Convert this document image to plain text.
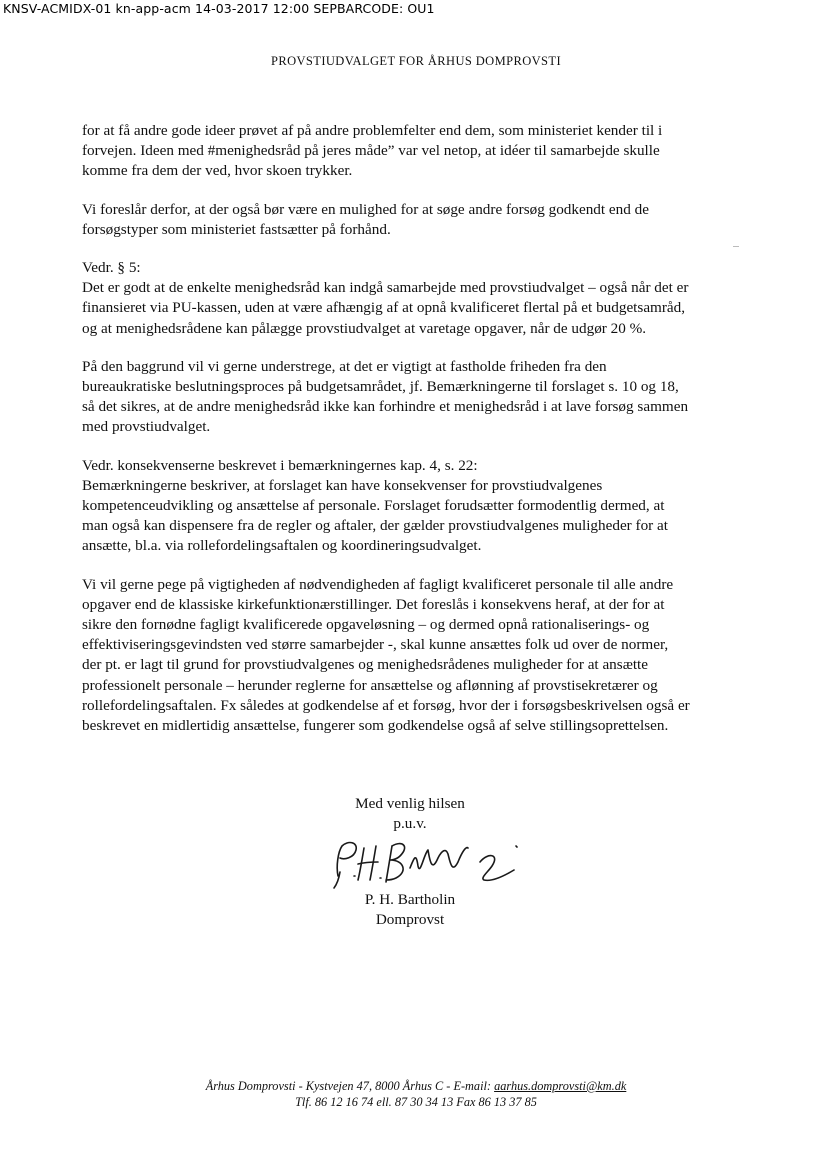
KNSV-ACMIDX-01 kn-app-acm 14-03-2017 12:00 SEPBARCODE: OU1
PROVSTIUDVALGET FOR ÅRHUS DOMPROVSTI

for at få andre gode ideer prøvet af på andre problemfelter end dem, som ministeriet kender til i
forvejen. Ideen med #menighedsråd på jeres måde” var vel netop, at idéer til samarbejde skulle
komme fra dem der ved, hvor skoen trykker.

Vi foreslår derfor, at der også bør være en mulighed for at søge andre forsøg godkendt end de
forsøgstyper som ministeriet fastsætter på forhånd.

Vedr. § 5:
Det er godt at de enkelte menighedsråd kan indgå samarbejde med provstiudvalget – også når det er
finansieret via PU-kassen, uden at være afhængig af at opnå kvalificeret flertal på et budgetsamråd,
og at menighedsrådene kan pålægge provstiudvalget at varetage opgaver, når de udgør 20 %.

På den baggrund vil vi gerne understrege, at det er vigtigt at fastholde friheden fra den
bureaukratiske beslutningsproces på budgetsamrådet, jf. Bemærkningerne til forslaget s. 10 og 18,
så det sikres, at de andre menighedsråd ikke kan forhindre et menighedsråd i at lave forsøg sammen
med provstiudvalget.

Vedr. konsekvenserne beskrevet i bemærkningernes kap. 4, s. 22:
Bemærkningerne beskriver, at forslaget kan have konsekvenser for provstiudvalgenes
kompetenceudvikling og ansættelse af personale. Forslaget forudsætter formodentlig dermed, at
man også kan dispensere fra de regler og aftaler, der gælder provstiudvalgenes muligheder for at
ansætte, bl.a. via rollefordelingsaftalen og koordineringsudvalget.

Vi vil gerne pege på vigtigheden af nødvendigheden af fagligt kvalificeret personale til alle andre
opgaver end de klassiske kirkefunktionærstillinger. Det foreslås i konsekvens heraf, at der for at
sikre den fornødne fagligt kvalificerede opgaveløsning – og dermed opnå rationaliserings- og
effektiviseringsgevindsten ved større samarbejder -, skal kunne ansættes folk ud over de normer,
der pt. er lagt til grund for provstiudvalgenes og menighedsrådenes muligheder for at ansætte
professionelt personale – herunder reglerne for ansættelse og aflønning af provstisekretærer og
rollefordelingsaftalen. Fx således at godkendelse af et forsøg, hvor der i forsøgsbeskrivelsen også er
beskrevet en midlertidig ansættelse, fungerer som godkendelse også af selve stillingsoprettelsen.

Med venlig hilsen
p.u.v.
P. H. Bartholin
Domprovst
Århus Domprovsti - Kystvejen 47, 8000 Århus C - E-mail: aarhus.domprovsti@km.dk
Tlf. 86 12 16 74 ell. 87 30 34 13 Fax 86 13 37 85
